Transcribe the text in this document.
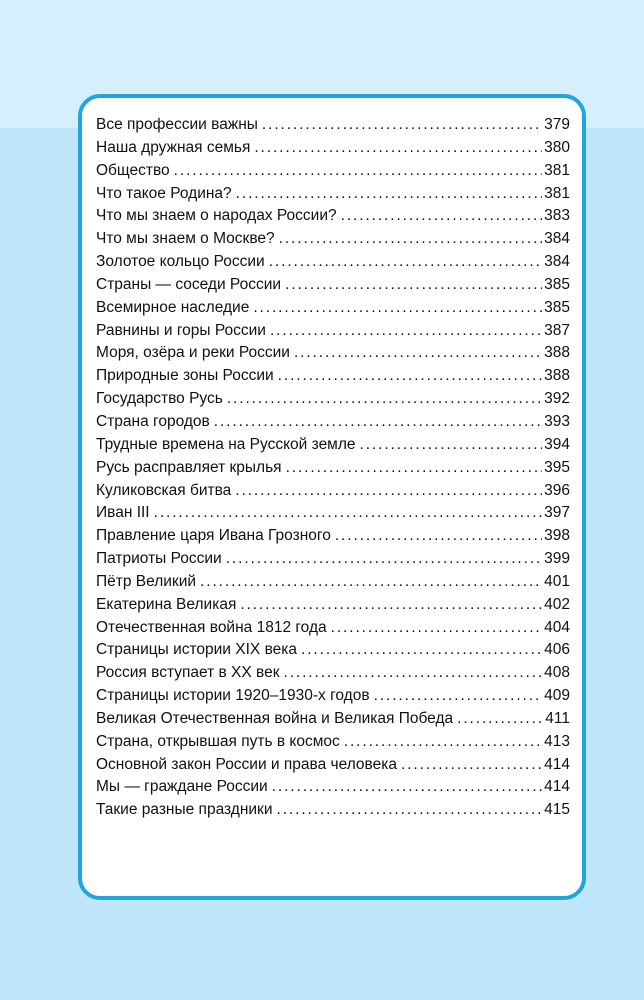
Все профессии важны .....	379
Наша дружная семья .....	380
Общество .....	381
Что такое Родина? .....	381
Что мы знаем о народах России? .....	383
Что мы знаем о Москве? .....	384
Золотое кольцо России .....	384
Страны — соседи России .....	385
Всемирное наследие .....	385
Равнины и горы России .....	387
Моря, озёра и реки России .....	388
Природные зоны России .....	388
Государство Русь .....	392
Страна городов .....	393
Трудные времена на Русской земле .....	394
Русь расправляет крылья .....	395
Куликовская битва .....	396
Иван III .....	397
Правление царя Ивана Грозного .....	398
Патриоты России .....	399
Пётр Великий .....	401
Екатерина Великая .....	402
Отечественная война 1812 года .....	404
Страницы истории XIX века .....	406
Россия вступает в XX век .....	408
Страницы истории 1920–1930-х годов .....	409
Великая Отечественная война и Великая Победа .....	411
Страна, открывшая путь в космос .....	413
Основной закон России и права человека .....	414
Мы — граждане России .....	414
Такие разные праздники .....	415
